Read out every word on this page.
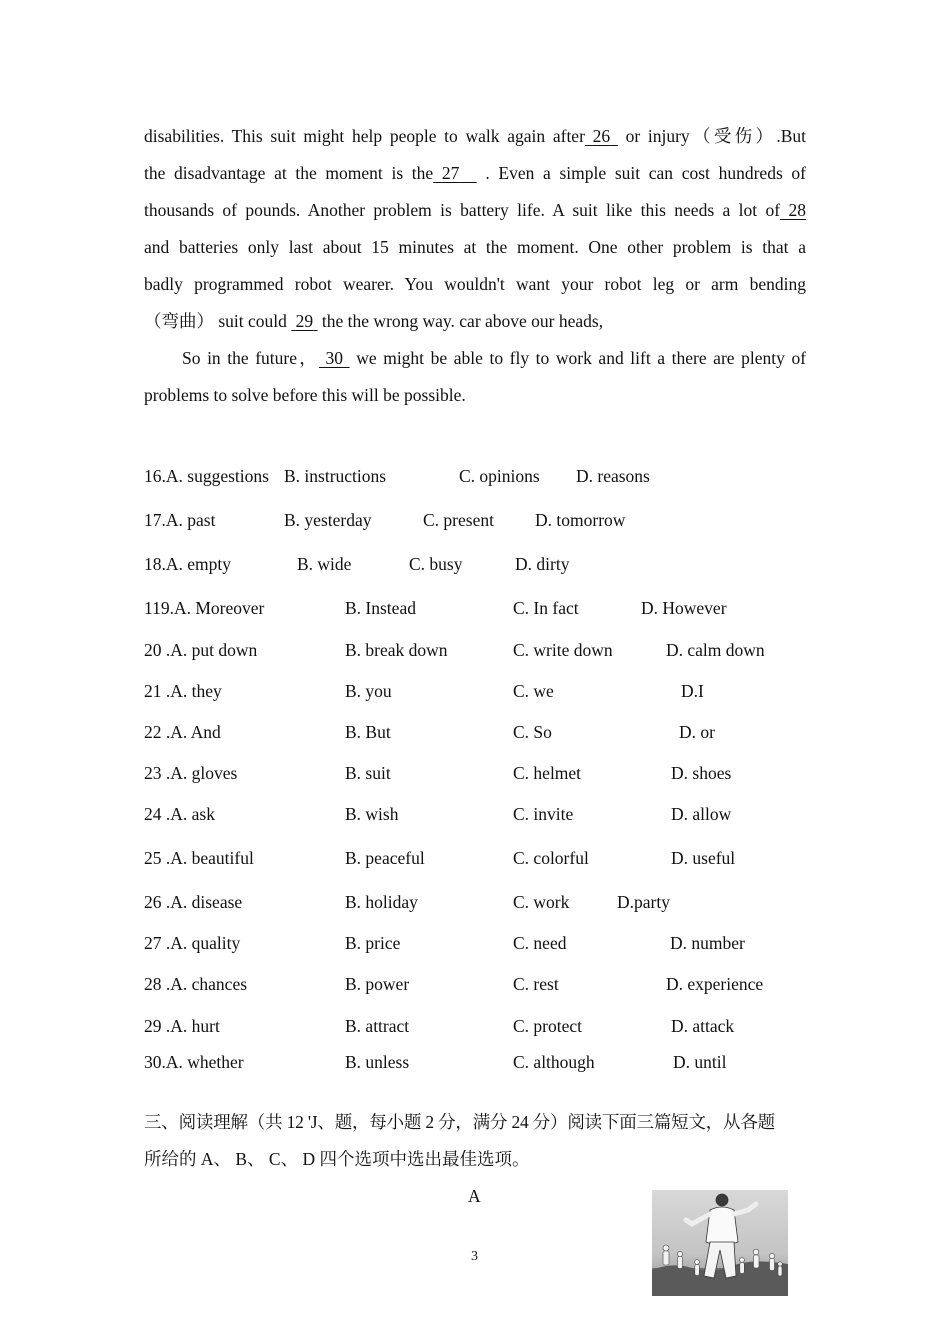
disabilities. This suit might help people to walk again after 26 or injury（受伤）.But
the disadvantage at the moment is the 27 . Even a simple suit can cost hundreds of
thousands of pounds. Another problem is battery life. A suit like this needs a lot of 28
and batteries only last about 15 minutes at the moment. One other problem is that a
badly programmed robot wearer. You wouldn't want your robot leg or arm bending
（弯曲） suit could 29 the the wrong way. car above our heads,
So in the future， 30 we might be able to fly to work and lift a there are plenty of
problems to solve before this will be possible.
16.A. suggestions B. instructions	C. opinions D. reasons
17.A. past	B. yesterday	C. present D. tomorrow
18.A. empty	B. wide	C. busy	D. dirty
119.A. Moreover	B. Instead	C. In fact	D. However
20 .A. put down	B. break down	C. write down	D. calm down
21 .A. they	B. you	C. we	D.I
22 .A. And	B. But	C. So	D. or
23 .A. gloves	B. suit	C. helmet	D. shoes
24 .A. ask	B. wish	C. invite	D. allow
25 .A. beautiful	B. peaceful	C. colorful	D. useful
26 .A. disease	B. holiday	C. work	D.party
27 .A. quality	B. price	C. need	D. number
28 .A. chances	B. power	C. rest	D. experience
29 .A. hurt	B. attract	C. protect	D. attack
30.A. whether	B. unless	C. although	D. until
三、阅读理解（共 12 'J、题，每小题 2 分，满分 24 分）阅读下面三篇短文，从各题
所给的 A、 B、 C、 D 四个选项中选出最佳选项。
A
3
